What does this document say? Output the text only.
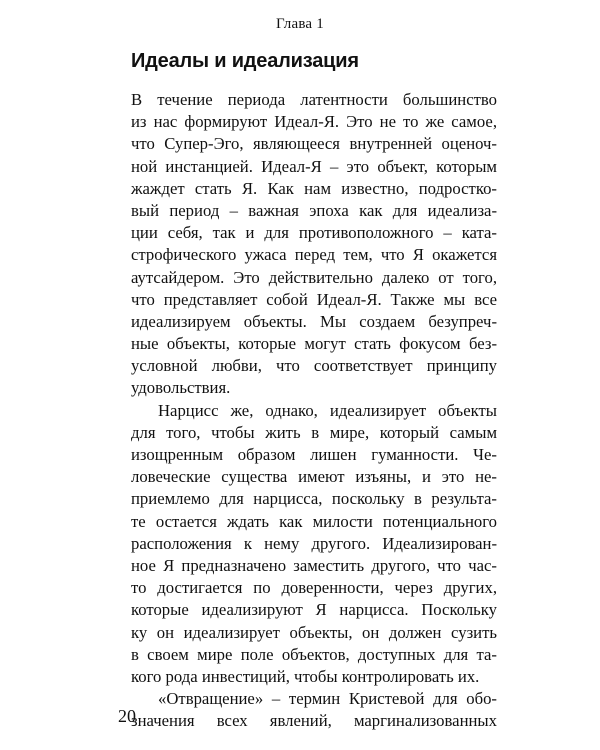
Глава 1
Идеалы и идеализация
В течение периода латентности большинство
из нас формируют Идеал-Я. Это не то же самое,
что Супер-Эго, являющееся внутренней оценоч-
ной инстанцией. Идеал-Я – это объект, которым
жаждет стать Я. Как нам известно, подростко-
вый период – важная эпоха как для идеализа-
ции себя, так и для противоположного – ката-
строфического ужаса перед тем, что Я окажется
аутсайдером. Это действительно далеко от того,
что представляет собой Идеал-Я. Также мы все
идеализируем объекты. Мы создаем безупреч-
ные объекты, которые могут стать фокусом без-
условной любви, что соответствует принципу
удовольствия.
Нарцисс же, однако, идеализирует объекты
для того, чтобы жить в мире, который самым
изощренным образом лишен гуманности. Че-
ловеческие существа имеют изъяны, и это не-
приемлемо для нарцисса, поскольку в результа-
те остается ждать как милости потенциального
расположения к нему другого. Идеализирован-
ное Я предназначено заместить другого, что час-
то достигается по доверенности, через других,
которые идеализируют Я нарцисса. Поскольку
ку он идеализирует объекты, он должен сузить
в своем мире поле объектов, доступных для та-
кого рода инвестиций, чтобы контролировать их.
«Отвращение» – термин Кристевой для обо-
значения всех явлений, маргинализованных
20
